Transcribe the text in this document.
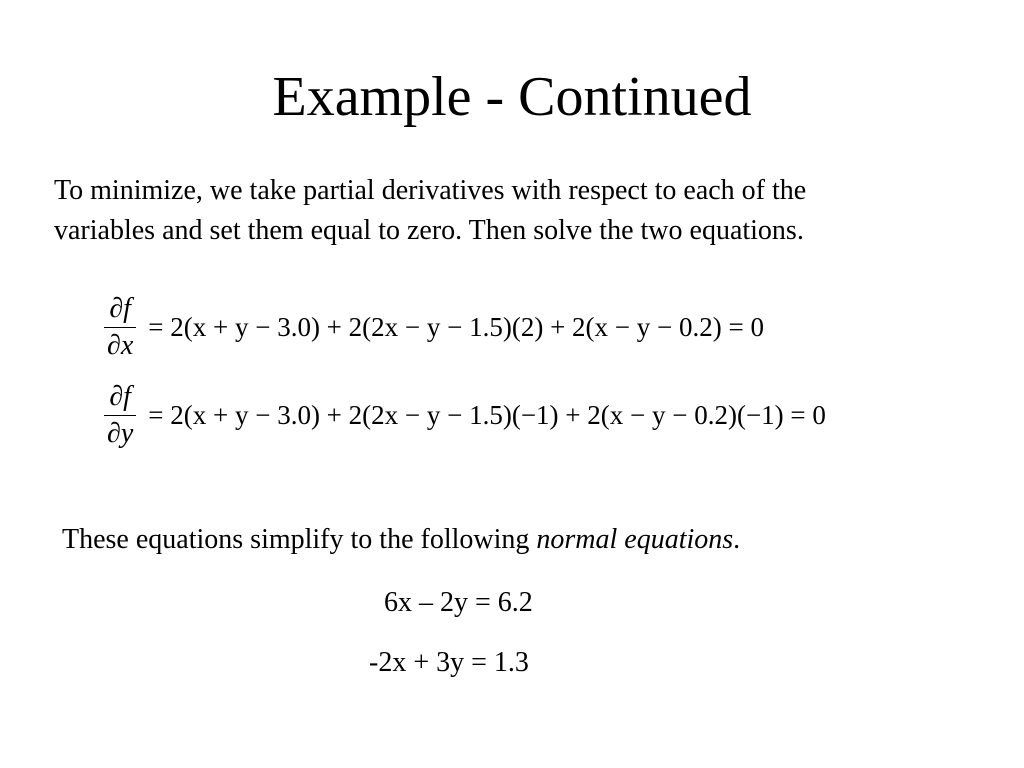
Example - Continued
To minimize, we take partial derivatives with respect to each of the
variables and set them equal to zero. Then solve the two equations.
$\frac{\partial f}{\partial x} = 2(x + y - 3.0) + 2(2x - y - 1.5)(2) + 2(x - y - 0.2) = 0$
$\frac{\partial f}{\partial y} = 2(x + y - 3.0) + 2(2x - y - 1.5)(-1) + 2(x - y - 0.2)(-1) = 0$
These equations simplify to the following normal equations.
6x – 2y = 6.2
-2x + 3y = 1.3
